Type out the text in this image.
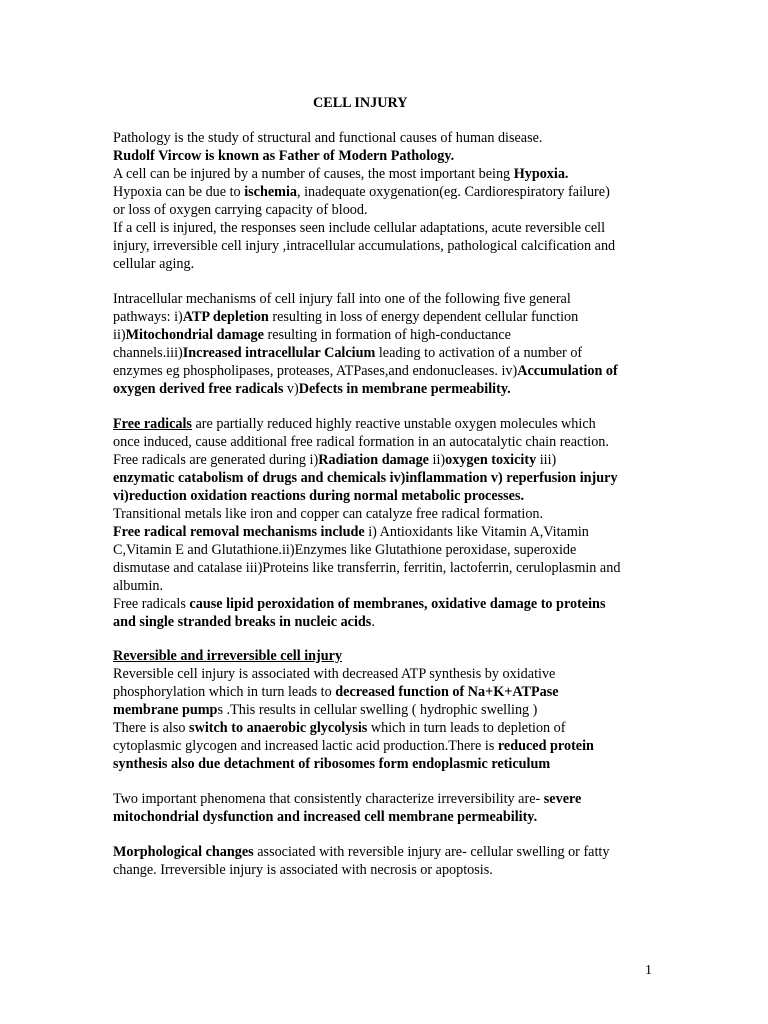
CELL INJURY
Pathology is the study of structural and functional causes of human disease.
Rudolf Vircow is known as Father of Modern Pathology.
A cell can be injured by a number of causes, the most important being Hypoxia.
Hypoxia can be due to ischemia, inadequate oxygenation(eg. Cardiorespiratory failure)
or loss of oxygen carrying capacity of blood.
If a cell is injured, the responses seen include cellular adaptations, acute reversible cell
injury, irreversible cell injury ,intracellular accumulations, pathological calcification and
cellular aging.
Intracellular mechanisms of cell injury fall into one of the following five general
pathways: i)ATP depletion resulting in loss of energy dependent cellular function
ii)Mitochondrial damage resulting in formation of high-conductance
channels.iii)Increased intracellular Calcium leading to activation of a number of
enzymes eg phospholipases, proteases, ATPases,and endonucleases. iv)Accumulation of
oxygen derived free radicals v)Defects in membrane permeability.
Free radicals are partially reduced highly reactive unstable oxygen molecules which
once induced, cause additional free radical formation in an autocatalytic chain reaction.
Free radicals are generated during i)Radiation damage ii)oxygen toxicity iii)
enzymatic catabolism of drugs and chemicals iv)inflammation v) reperfusion injury
vi)reduction oxidation reactions during normal metabolic processes.
Transitional metals like iron and copper can catalyze free radical formation.
Free radical removal mechanisms include i) Antioxidants like Vitamin A,Vitamin
C,Vitamin E and Glutathione.ii)Enzymes like Glutathione peroxidase, superoxide
dismutase and catalase iii)Proteins like transferrin, ferritin, lactoferrin, ceruloplasmin and
albumin.
Free radicals cause lipid peroxidation of membranes, oxidative damage to proteins
and single stranded breaks in nucleic acids.
Reversible and irreversible cell injury
Reversible cell injury is associated with decreased ATP synthesis by oxidative
phosphorylation which in turn leads to decreased function of Na+K+ATPase
membrane pumps .This results in cellular swelling ( hydrophic swelling )
There is also switch to anaerobic glycolysis which in turn leads to depletion of
cytoplasmic glycogen and increased lactic acid production.There is reduced protein
synthesis also due detachment of ribosomes form endoplasmic reticulum
Two important phenomena that consistently characterize irreversibility are- severe
mitochondrial dysfunction and increased cell membrane permeability.
Morphological changes associated with reversible injury are- cellular swelling or fatty
change. Irreversible injury is associated with necrosis or apoptosis.
1
